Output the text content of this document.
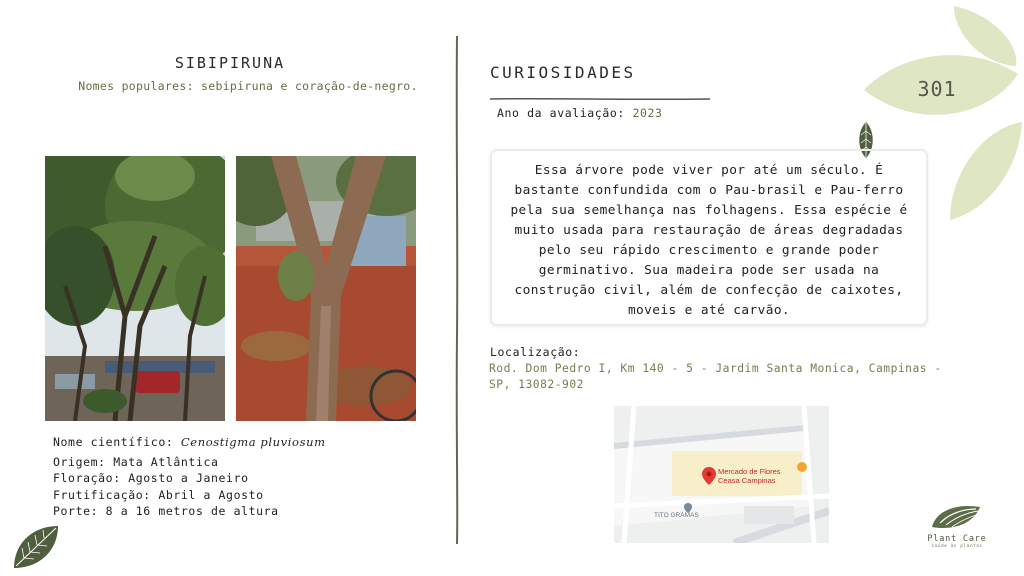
SIBIPIRUNA
Nomes populares: sebipiruna e coração-de-negro.
Nome científico: Cenostigma pluviosum
Origem: Mata Atlântica
Floração: Agosto a Janeiro
Frutificação: Abril a Agosto
Porte: 8 a 16 metros de altura
CURIOSIDADES
Ano da avaliação: 2023
Essa árvore pode viver por até um século. É bastante confundida com o Pau-brasil e Pau-ferro pela sua semelhança nas folhagens. Essa espécie é muito usada para restauração de áreas degradadas pelo seu rápido crescimento e grande poder germinativo. Sua madeira pode ser usada na construção civil, além de confecção de caixotes, moveis e até carvão.
Localização:
Rod. Dom Pedro I, Km 140 - 5 - Jardim Santa Monica, Campinas - SP, 13082-902
Mercado de Flores
Ceasa Campinas
TITO GRAMAS
301
Plant Care
saúde às plantas
